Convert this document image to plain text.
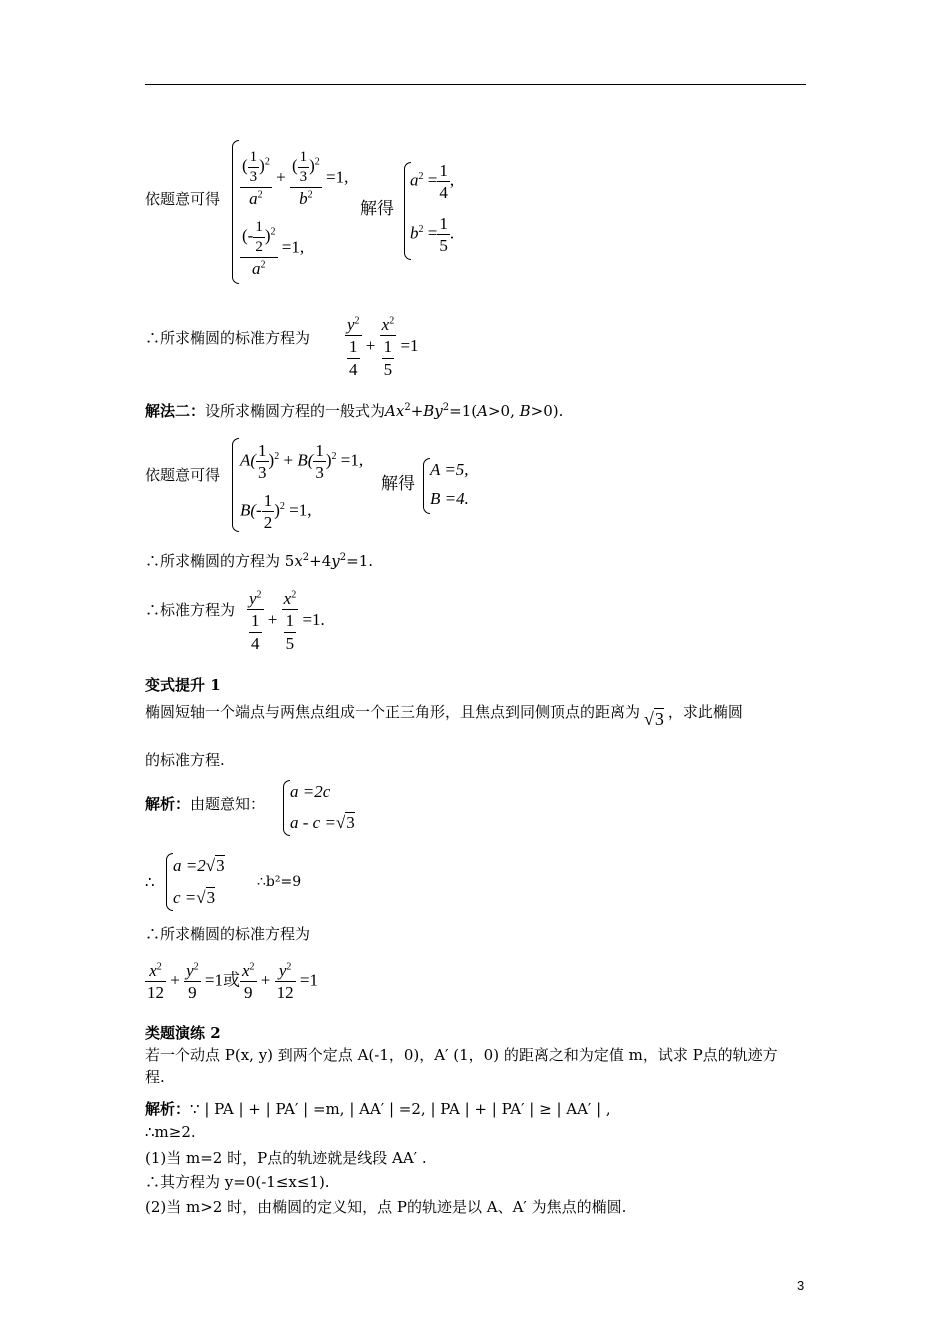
依题意可得 $\frac{( \frac{1}{3} )^2}{a^2} + \frac{( \frac{1}{3} )^2}{b^2} =1$,
$\frac{(- \frac{1}{2} )^2}{a^2} =1$,
解得
$a^2 = \frac{1}{4}$ ,
$b^2 = \frac{1}{5}$ .
∴所求椭圆的标准方程为 $\frac{y^2}{\frac{1}{4}} + \frac{x^2}{\frac{1}{5}} =1$
解法二：设所求椭圆方程的一般式为$Ax^2+By^2=1(A>0$, B>0).
依题意可得
$A( \frac{1}{3} )^2 + B( \frac{1}{3} )^2 =1$,
$B(- \frac{1}{2} )^2 =1$,
解得
A =5,
B =4.
∴所求椭圆的方程为 $5x^2+4y^2=1$.
∴标准方程为 $\frac{y^2}{\frac{1}{4}} + \frac{x^2}{\frac{1}{5}} =1$.
变式提升 1
椭圆短轴一个端点与两焦点组成一个正三角形，且焦点到同侧顶点的距离为 √3 ，求此椭圆
的标准方程.
解析：由题意知：
a =2c
a - c =√3
∴
a =2√3
c =√3
∴b²=9
∴所求椭圆的标准方程为
$\frac{x^2}{12} + \frac{y^2}{9} =1$或 $\frac{x^2}{9} + \frac{y^2}{12} =1$
类题演练 2
若一个动点 P(x, y) 到两个定点 A(-1，0)，A′ (1，0) 的距离之和为定值 m，试求 P点的轨迹方
程.
解析：∵ | PA | + | PA′ | =m, | AA′ | =2, | PA | + | PA′ | ≥ | AA′ | ,
∴m≥2.
(1)当 m=2 时，P点的轨迹就是线段 AA′ .
∴其方程为 y=0(-1≤x≤1).
(2)当 m>2 时，由椭圆的定义知，点 P的轨迹是以 A、A′ 为焦点的椭圆.
3
